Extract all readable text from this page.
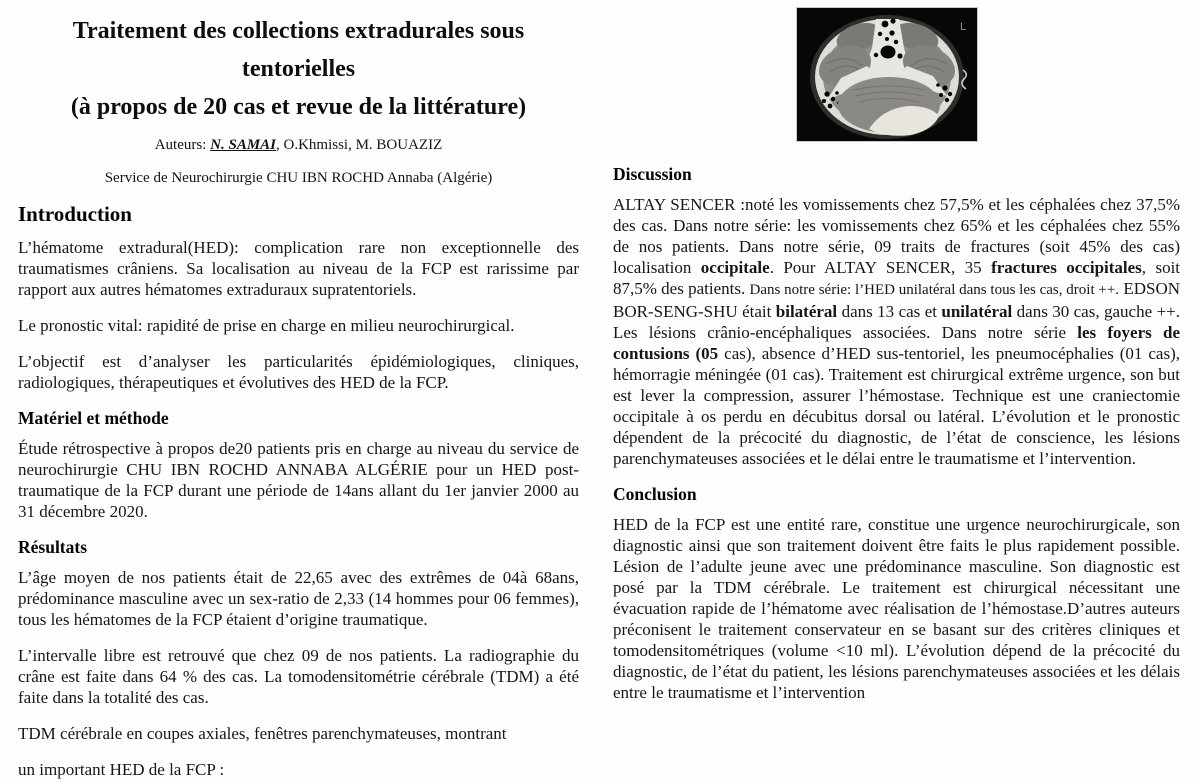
Traitement des collections extradurales sous
tentorielles
(à propos de 20 cas et revue de la littérature)

Auteurs: N. SAMAI, O.Khmissi, M. BOUAZIZ

Service de Neurochirurgie CHU IBN ROCHD Annaba (Algérie)

Introduction

L’hématome extradural(HED): complication rare non exceptionnelle des traumatismes crâniens. Sa localisation au niveau de la FCP est rarissime par rapport aux autres hématomes extraduraux supratentoriels.

Le pronostic vital: rapidité de prise en charge en milieu neurochirurgical.

L’objectif est d’analyser les particularités épidémiologiques, cliniques, radiologiques, thérapeutiques et évolutives des HED de la FCP.

Matériel et méthode

Étude rétrospective à propos de20 patients pris en charge au niveau du service de neurochirurgie CHU IBN ROCHD ANNABA ALGÉRIE pour un HED post-traumatique de la FCP durant une période de 14ans allant du 1er janvier 2000 au 31 décembre 2020.

Résultats

L’âge moyen de nos patients était de 22,65 avec des extrêmes de 04à 68ans, prédominance masculine avec un sex-ratio de 2,33 (14 hommes pour 06 femmes), tous les hématomes de la FCP étaient d’origine traumatique.

L’intervalle libre est retrouvé que chez 09 de nos patients. La radiographie du crâne est faite dans 64 % des cas. La tomodensitométrie cérébrale (TDM) a été faite dans la totalité des cas.

TDM cérébrale en coupes axiales, fenêtres parenchymateuses, montrant

un important HED de la FCP :

L
Discussion

ALTAY SENCER :noté les vomissements chez 57,5% et les céphalées chez 37,5% des cas. Dans notre série: les vomissements chez 65% et les céphalées chez 55% de nos patients. Dans notre série, 09 traits de fractures (soit 45% des cas) localisation occipitale. Pour ALTAY SENCER, 35 fractures occipitales, soit 87,5% des patients. Dans notre série: l’HED unilatéral dans tous les cas, droit ++. EDSON BOR-SENG-SHU était bilatéral dans 13 cas et unilatéral dans 30 cas, gauche ++. Les lésions crânio-encéphaliques associées. Dans notre série les foyers de contusions (05 cas), absence d’HED sus-tentoriel, les pneumocéphalies (01 cas), hémorragie méningée (01 cas). Traitement est chirurgical extrême urgence, son but est lever la compression, assurer l’hémostase. Technique est une craniectomie occipitale à os perdu en décubitus dorsal ou latéral. L’évolution et le pronostic dépendent de la précocité du diagnostic, de l’état de conscience, les lésions parenchymateuses associées et le délai entre le traumatisme et l’intervention.

Conclusion

HED de la FCP est une entité rare, constitue une urgence neurochirurgicale, son diagnostic ainsi que son traitement doivent être faits le plus rapidement possible. Lésion de l’adulte jeune avec une prédominance masculine. Son diagnostic est posé par la TDM cérébrale. Le traitement est chirurgical nécessitant une évacuation rapide de l’hématome avec réalisation de l’hémostase.D’autres auteurs préconisent le traitement conservateur en se basant sur des critères cliniques et tomodensitométriques (volume <10 ml). L’évolution dépend de la précocité du diagnostic, de l’état du patient, les lésions parenchymateuses associées et les délais entre le traumatisme et l’intervention
